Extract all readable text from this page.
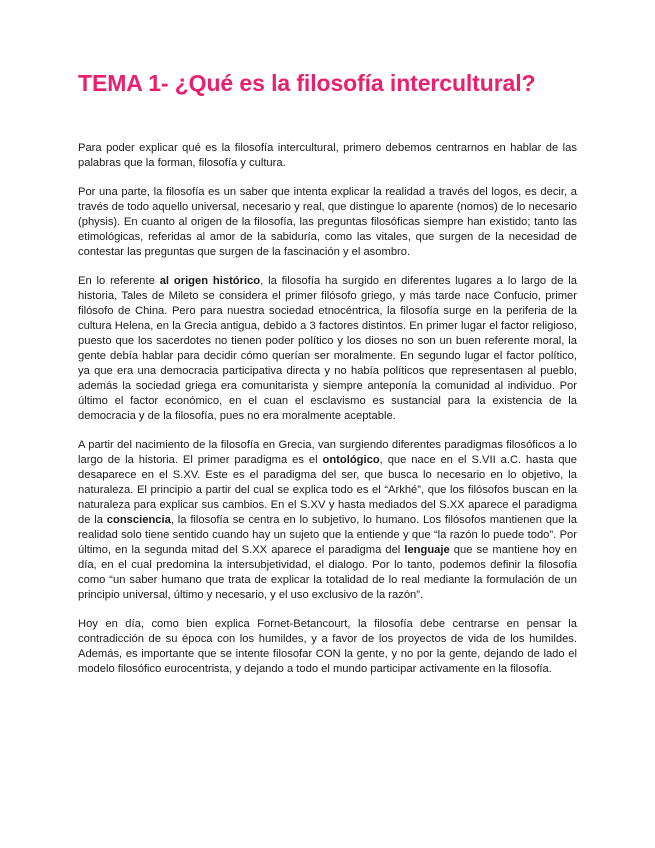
TEMA 1- ¿Qué es la filosofía intercultural?

Para poder explicar qué es la filosofía intercultural, primero debemos centrarnos en hablar de las palabras que la forman, filosofía y cultura.

Por una parte, la filosofía es un saber que intenta explicar la realidad a través del logos, es decir, a través de todo aquello universal, necesario y real, que distingue lo aparente (nomos) de lo necesario (physis). En cuanto al origen de la filosofía, las preguntas filosóficas siempre han existido; tanto las etimológicas, referidas al amor de la sabiduría, como las vitales, que surgen de la necesidad de contestar las preguntas que surgen de la fascinación y el asombro.

En lo referente al origen histórico, la filosofía ha surgido en diferentes lugares a lo largo de la historia, Tales de Mileto se considera el primer filósofo griego, y más tarde nace Confucio, primer filósofo de China. Pero para nuestra sociedad etnocéntrica, la filosofía surge en la periferia de la cultura Helena, en la Grecia antigua, debido a 3 factores distintos. En primer lugar el factor religioso, puesto que los sacerdotes no tienen poder político y los dioses no son un buen referente moral, la gente debía hablar para decidir cómo querían ser moralmente. En segundo lugar el factor político, ya que era una democracia participativa directa y no había políticos que representasen al pueblo, además la sociedad griega era comunitarista y siempre anteponía la comunidad al individuo. Por último el factor económico, en el cuan el esclavismo es sustancial para la existencia de la democracia y de la filosofía, pues no era moralmente aceptable.

A partir del nacimiento de la filosofía en Grecia, van surgiendo diferentes paradigmas filosóficos a lo largo de la historia. El primer paradigma es el ontológico, que nace en el S.VII a.C. hasta que desaparece en el S.XV. Este es el paradigma del ser, que busca lo necesario en lo objetivo, la naturaleza. El principio a partir del cual se explica todo es el “Arkhé”, que los filósofos buscan en la naturaleza para explicar sus cambios. En el S.XV y hasta mediados del S.XX aparece el paradigma de la consciencia, la filosofía se centra en lo subjetivo, lo humano. Los filósofos mantienen que la realidad solo tiene sentido cuando hay un sujeto que la entiende y que “la razón lo puede todo”. Por último, en la segunda mitad del S.XX aparece el paradigma del lenguaje que se mantiene hoy en día, en el cual predomina la intersubjetividad, el dialogo. Por lo tanto, podemos definir la filosofía como “un saber humano que trata de explicar la totalidad de lo real mediante la formulación de un principio universal, último y necesario, y el uso exclusivo de la razón”.

Hoy en día, como bien explica Fornet-Betancourt, la filosofía debe centrarse en pensar la contradicción de su época con los humildes, y a favor de los proyectos de vida de los humildes. Además, es importante que se intente filosofar CON la gente, y no por la gente, dejando de lado el modelo filosófico eurocentrista, y dejando a todo el mundo participar activamente en la filosofía.
